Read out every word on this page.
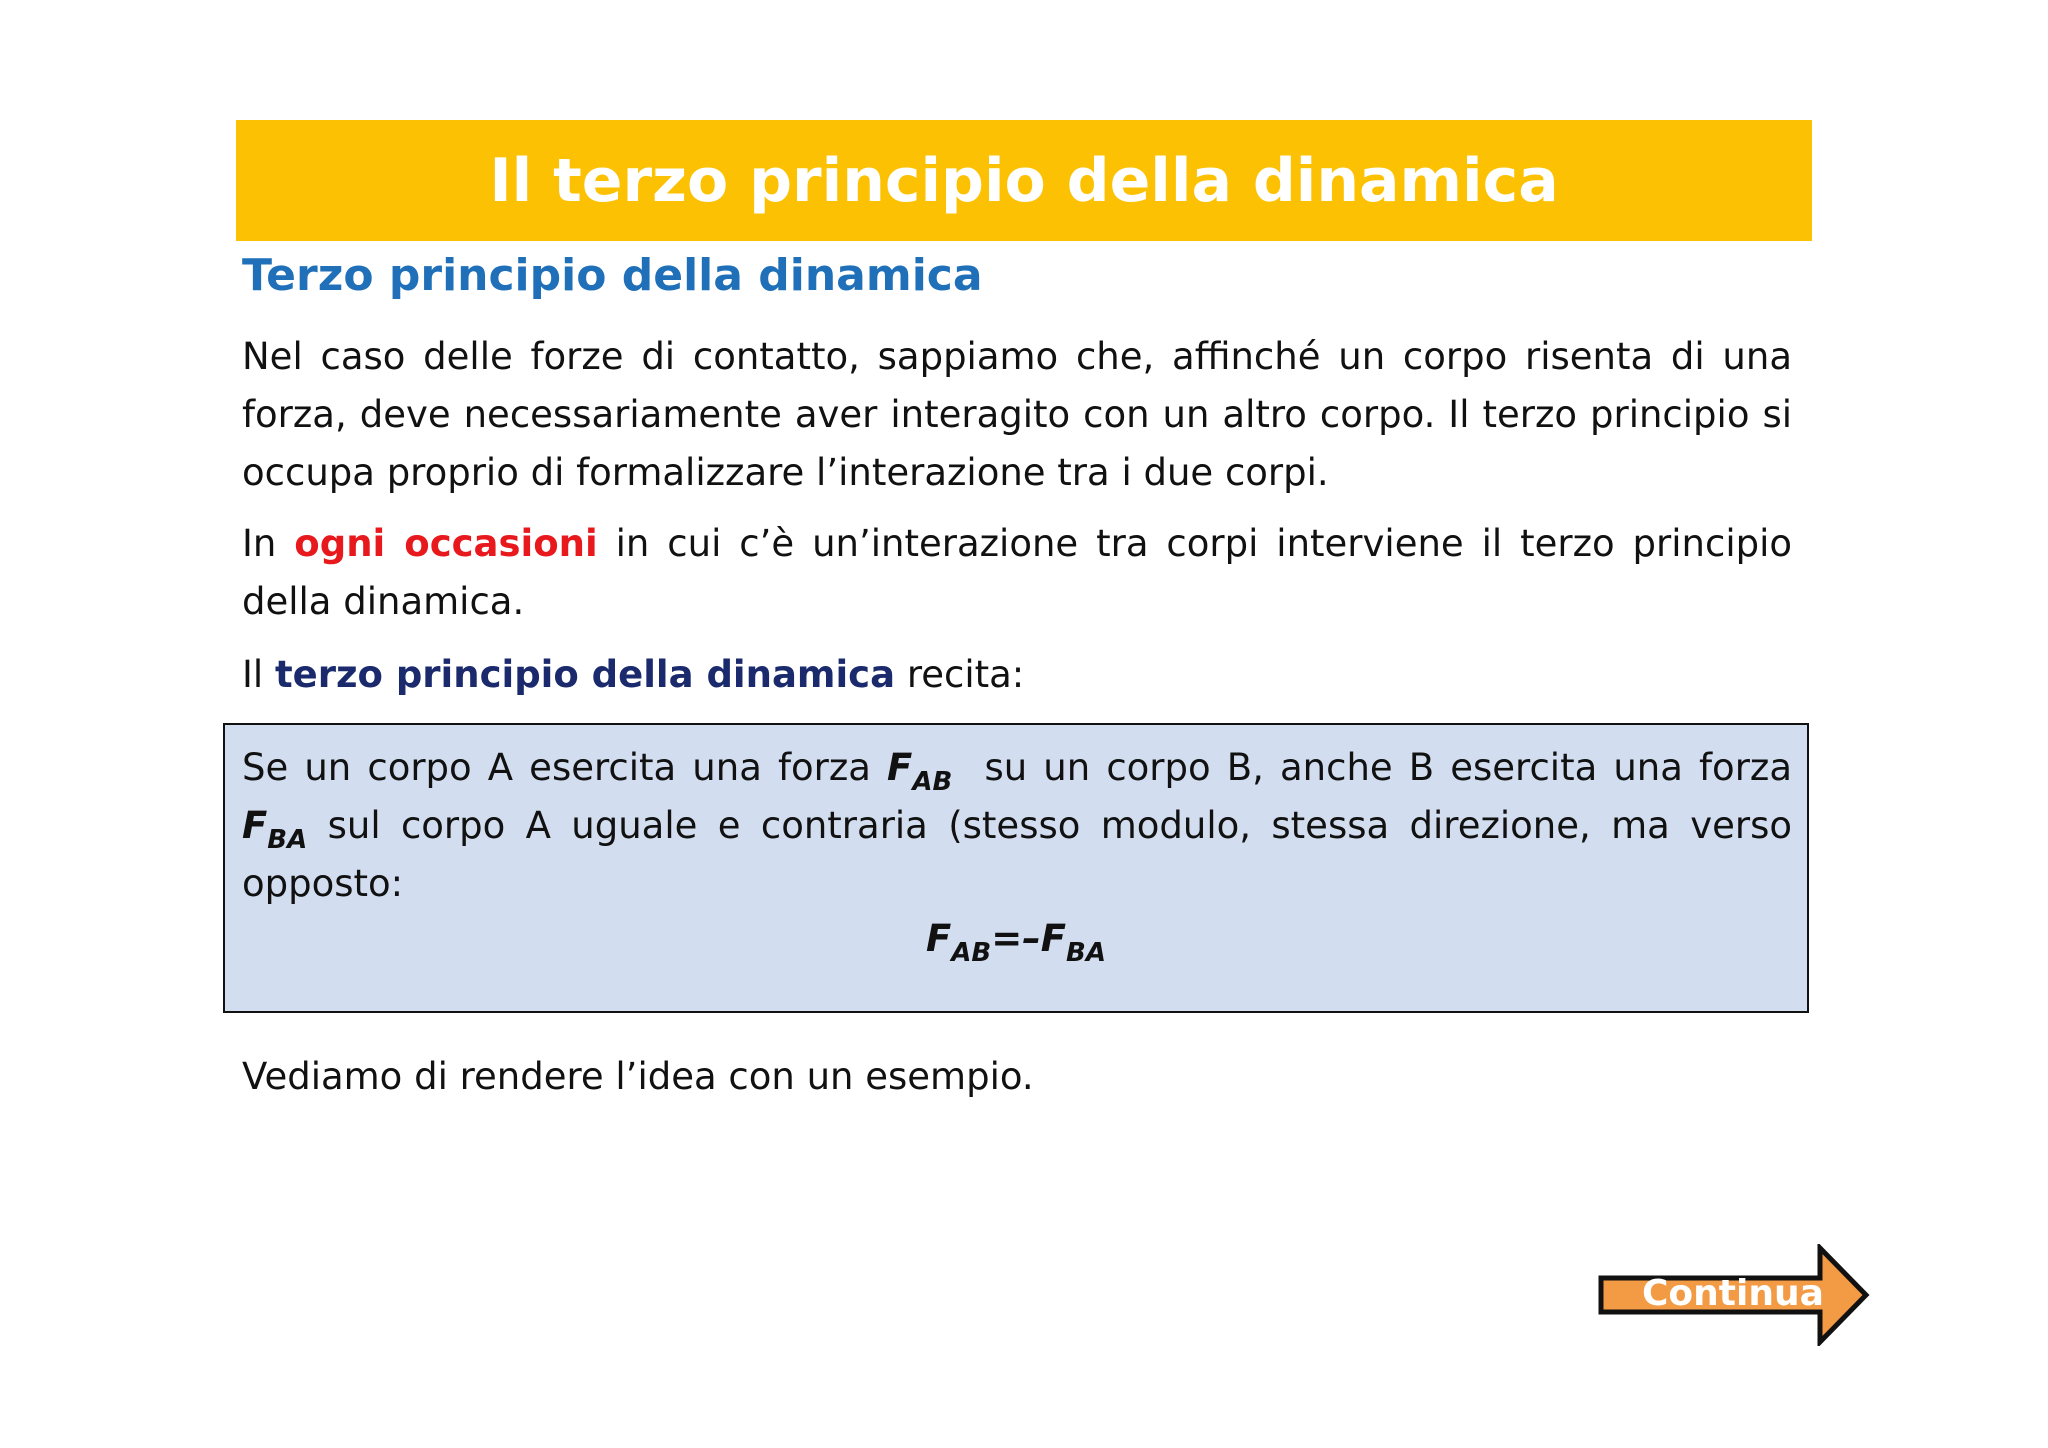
Il terzo principio della dinamica
Terzo principio della dinamica

Nel caso delle forze di contatto, sappiamo che, affinché un corpo risenta di una forza, deve necessariamente aver interagito con un altro corpo. Il terzo principio si occupa proprio di formalizzare l’interazione tra i due corpi.

In ogni occasioni in cui c’è un’interazione tra corpi interviene il terzo principio della dinamica.

Il terzo principio della dinamica recita:

Se un corpo A esercita una forza $F_{AB}$  su un corpo B, anche B esercita una forza $F_{BA}$ sul corpo A uguale e contraria (stesso modulo, stessa direzione, ma verso opposto:

$F_{AB}=-F_{BA}$

Vediamo di rendere l’idea con un esempio.

Continua
